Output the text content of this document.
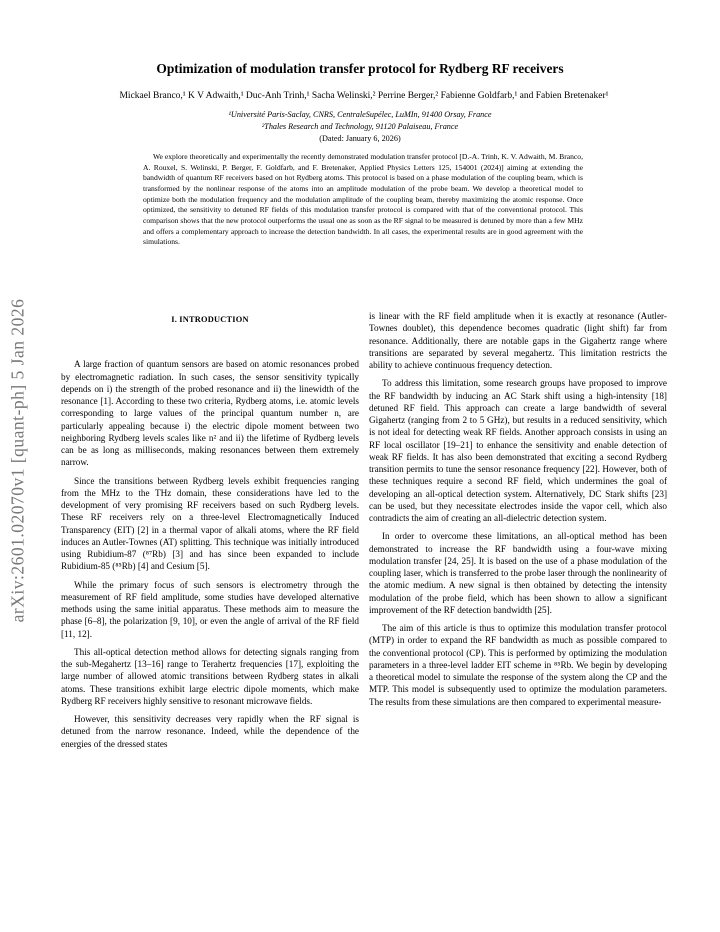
arXiv:2601.02070v1 [quant-ph] 5 Jan 2026
Optimization of modulation transfer protocol for Rydberg RF receivers
Mickael Branco,¹ K V Adwaith,¹ Duc-Anh Trinh,¹ Sacha Welinski,² Perrine Berger,² Fabienne Goldfarb,¹ and Fabien Bretenaker¹
¹Université Paris-Saclay, CNRS, CentraleSupélec, LuMIn, 91400 Orsay, France
²Thales Research and Technology, 91120 Palaiseau, France
(Dated: January 6, 2026)
We explore theoretically and experimentally the recently demonstrated modulation transfer protocol [D.-A. Trinh, K. V. Adwaith, M. Branco, A. Rouxel, S. Welinski, P. Berger, F. Goldfarb, and F. Bretenaker, Applied Physics Letters 125, 154001 (2024)] aiming at extending the bandwidth of quantum RF receivers based on hot Rydberg atoms. This protocol is based on a phase modulation of the coupling beam, which is transformed by the nonlinear response of the atoms into an amplitude modulation of the probe beam. We develop a theoretical model to optimize both the modulation frequency and the modulation amplitude of the coupling beam, thereby maximizing the atomic response. Once optimized, the sensitivity to detuned RF fields of this modulation transfer protocol is compared with that of the conventional protocol. This comparison shows that the new protocol outperforms the usual one as soon as the RF signal to be measured is detuned by more than a few MHz and offers a complementary approach to increase the detection bandwidth. In all cases, the experimental results are in good agreement with the simulations.
I. INTRODUCTION

A large fraction of quantum sensors are based on atomic resonances probed by electromagnetic radiation. In such cases, the sensor sensitivity typically depends on i) the strength of the probed resonance and ii) the linewidth of the resonance [1]. According to these two criteria, Rydberg atoms, i.e. atomic levels corresponding to large values of the principal quantum number n, are particularly appealing because i) the electric dipole moment between two neighboring Rydberg levels scales like n² and ii) the lifetime of Rydberg levels can be as long as milliseconds, making resonances between them extremely narrow.

Since the transitions between Rydberg levels exhibit frequencies ranging from the MHz to the THz domain, these considerations have led to the development of very promising RF receivers based on such Rydberg levels. These RF receivers rely on a three-level Electromagnetically Induced Transparency (EIT) [2] in a thermal vapor of alkali atoms, where the RF field induces an Autler-Townes (AT) splitting. This technique was initially introduced using Rubidium-87 (⁸⁷Rb) [3] and has since been expanded to include Rubidium-85 (⁸⁵Rb) [4] and Cesium [5].

While the primary focus of such sensors is electrometry through the measurement of RF field amplitude, some studies have developed alternative methods using the same initial apparatus. These methods aim to measure the phase [6–8], the polarization [9, 10], or even the angle of arrival of the RF field [11, 12].

This all-optical detection method allows for detecting signals ranging from the sub-Megahertz [13–16] range to Terahertz frequencies [17], exploiting the large number of allowed atomic transitions between Rydberg states in alkali atoms. These transitions exhibit large electric dipole moments, which make Rydberg RF receivers highly sensitive to resonant microwave fields.

However, this sensitivity decreases very rapidly when the RF signal is detuned from the narrow resonance. Indeed, while the dependence of the energies of the dressed states

is linear with the RF field amplitude when it is exactly at resonance (Autler-Townes doublet), this dependence becomes quadratic (light shift) far from resonance. Additionally, there are notable gaps in the Gigahertz range where transitions are separated by several megahertz. This limitation restricts the ability to achieve continuous frequency detection.

To address this limitation, some research groups have proposed to improve the RF bandwidth by inducing an AC Stark shift using a high-intensity [18] detuned RF field. This approach can create a large bandwidth of several Gigahertz (ranging from 2 to 5 GHz), but results in a reduced sensitivity, which is not ideal for detecting weak RF fields. Another approach consists in using an RF local oscillator [19–21] to enhance the sensitivity and enable detection of weak RF fields. It has also been demonstrated that exciting a second Rydberg transition permits to tune the sensor resonance frequency [22]. However, both of these techniques require a second RF field, which undermines the goal of developing an all-optical detection system. Alternatively, DC Stark shifts [23] can be used, but they necessitate electrodes inside the vapor cell, which also contradicts the aim of creating an all-dielectric detection system.

In order to overcome these limitations, an all-optical method has been demonstrated to increase the RF bandwidth using a four-wave mixing modulation transfer [24, 25]. It is based on the use of a phase modulation of the coupling laser, which is transferred to the probe laser through the nonlinearity of the atomic medium. A new signal is then obtained by detecting the intensity modulation of the probe field, which has been shown to allow a significant improvement of the RF detection bandwidth [25].

The aim of this article is thus to optimize this modulation transfer protocol (MTP) in order to expand the RF bandwidth as much as possible compared to the conventional protocol (CP). This is performed by optimizing the modulation parameters in a three-level ladder EIT scheme in ⁸⁵Rb. We begin by developing a theoretical model to simulate the response of the system along the CP and the MTP. This model is subsequently used to optimize the modulation parameters. The results from these simulations are then compared to experimental measure-
